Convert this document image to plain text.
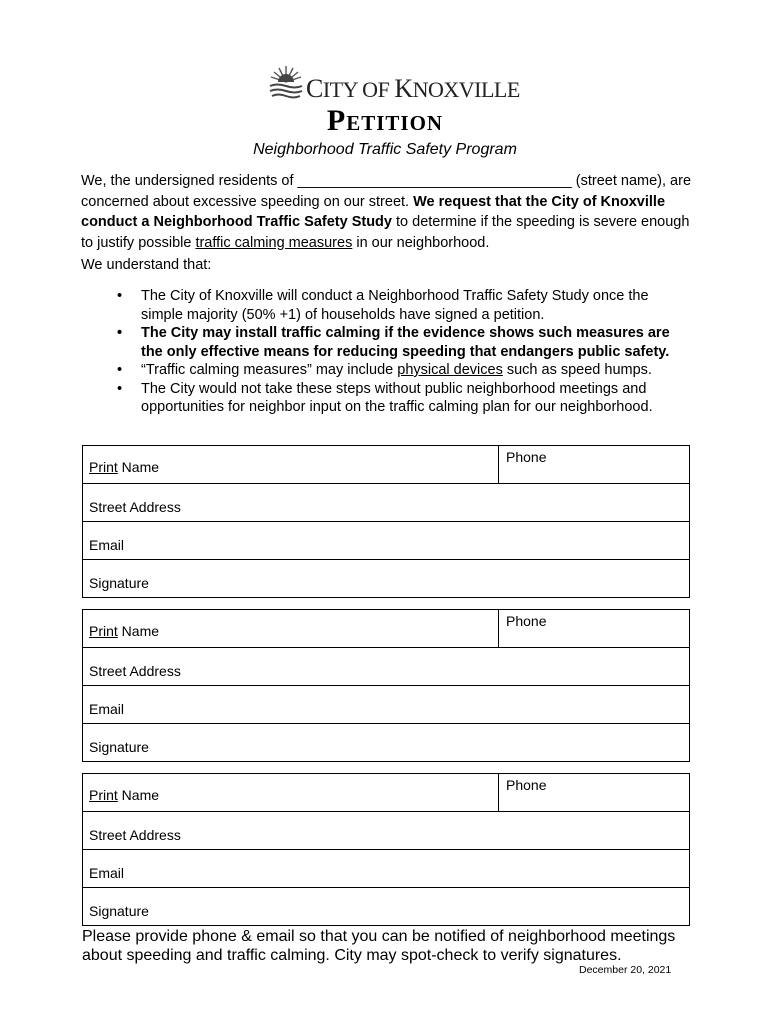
CITY OF KNOXVILLE
Petition
Neighborhood Traffic Safety Program
We, the undersigned residents of __________________________________ (street name), are concerned about excessive speeding on our street. We request that the City of Knoxville conduct a Neighborhood Traffic Safety Study to determine if the speeding is severe enough to justify possible traffic calming measures in our neighborhood.
We understand that:
• The City of Knoxville will conduct a Neighborhood Traffic Safety Study once the simple majority (50% +1) of households have signed a petition.
• The City may install traffic calming if the evidence shows such measures are the only effective means for reducing speeding that endangers public safety.
• “Traffic calming measures” may include physical devices such as speed humps.
• The City would not take these steps without public neighborhood meetings and opportunities for neighbor input on the traffic calming plan for our neighborhood.
Print Name
Phone
Street Address
Email
Signature
Print Name
Phone
Street Address
Email
Signature
Print Name
Phone
Street Address
Email
Signature
Please provide phone & email so that you can be notified of neighborhood meetings about speeding and traffic calming. City may spot-check to verify signatures.
December 20, 2021
